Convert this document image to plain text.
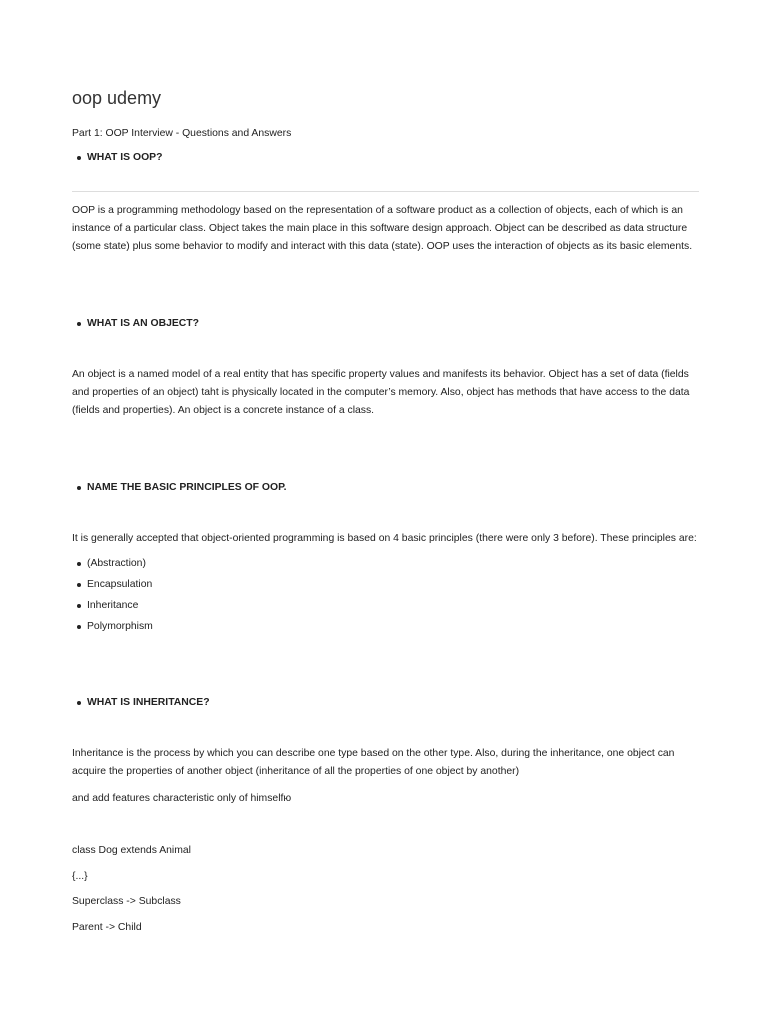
oop udemy

Part 1: OOP Interview - Questions and Answers

WHAT IS OOP?

OOP is a programming methodology based on the representation of a software product as a collection of objects, each of which is an instance of a particular class. Object takes the main place in this software design approach. Object can be described as data structure (some state) plus some behavior to modify and interact with this data (state). OOP uses the interaction of objects as its basic elements.

WHAT IS AN OBJECT?

An object is a named model of a real entity that has specific property values and manifests its behavior. Object has a set of data (fields and properties of an object) taht is physically located in the computer’s memory. Also, object has methods that have access to the data (fields and properties). An object is a concrete instance of a class.

NAME THE BASIC PRINCIPLES OF OOP.

It is generally accepted that object-oriented programming is based on 4 basic principles (there were only 3 before). These principles are:

(Abstraction)
Encapsulation
Inheritance
Polymorphism
WHAT IS INHERITANCE?

Inheritance is the process by which you can describe one type based on the other type. Also, during the inheritance, one object can acquire the properties of another object (inheritance of all the properties of one object by another)

and add features characteristic only of himselfю

class Dog extends Animal

{...}

Superclass -> Subclass

Parent -> Child
